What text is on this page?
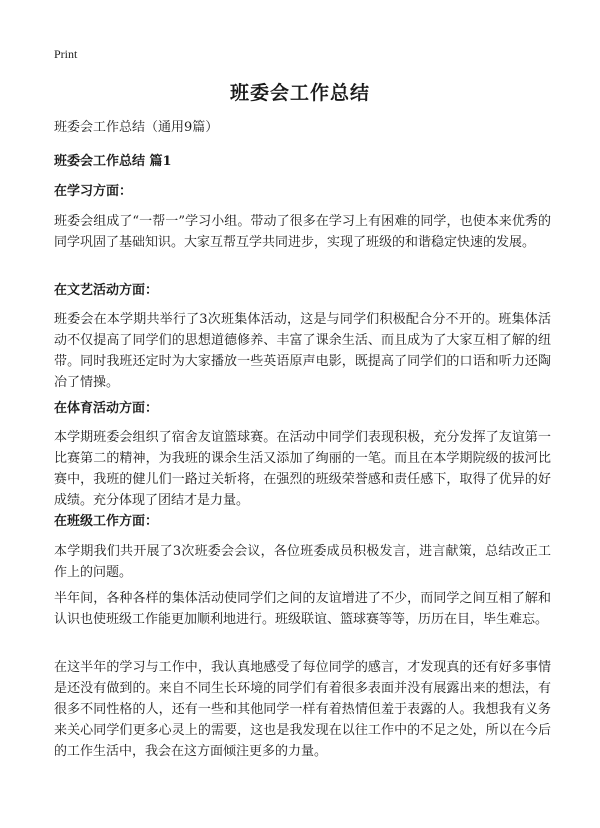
Print
班委会工作总结
班委会工作总结（通用9篇）
班委会工作总结 篇1
在学习方面：
班委会组成了“一帮一”学习小组。带动了很多在学习上有困难的同学，也使本来优秀的同学巩固了基础知识。大家互帮互学共同进步，实现了班级的和谐稳定快速的发展。
在文艺活动方面：
班委会在本学期共举行了3次班集体活动，这是与同学们积极配合分不开的。班集体活动不仅提高了同学们的思想道德修养、丰富了课余生活、而且成为了大家互相了解的纽带。同时我班还定时为大家播放一些英语原声电影，既提高了同学们的口语和听力还陶冶了情操。
在体育活动方面：
本学期班委会组织了宿舍友谊篮球赛。在活动中同学们表现积极，充分发挥了友谊第一比赛第二的精神，为我班的课余生活又添加了绚丽的一笔。而且在本学期院级的拔河比赛中，我班的健儿们一路过关斩将，在强烈的班级荣誉感和责任感下，取得了优异的好成绩。充分体现了团结才是力量。
在班级工作方面：
本学期我们共开展了3次班委会会议，各位班委成员积极发言，进言献策，总结改正工作上的问题。
半年间，各种各样的集体活动使同学们之间的友谊增进了不少，而同学之间互相了解和认识也使班级工作能更加顺利地进行。班级联谊、篮球赛等等，历历在目，毕生难忘。
在这半年的学习与工作中，我认真地感受了每位同学的感言，才发现真的还有好多事情是还没有做到的。来自不同生长环境的同学们有着很多表面并没有展露出来的想法，有很多不同性格的人，还有一些和其他同学一样有着热情但羞于表露的人。我想我有义务来关心同学们更多心灵上的需要，这也是我发现在以往工作中的不足之处，所以在今后的工作生活中，我会在这方面倾注更多的力量。
